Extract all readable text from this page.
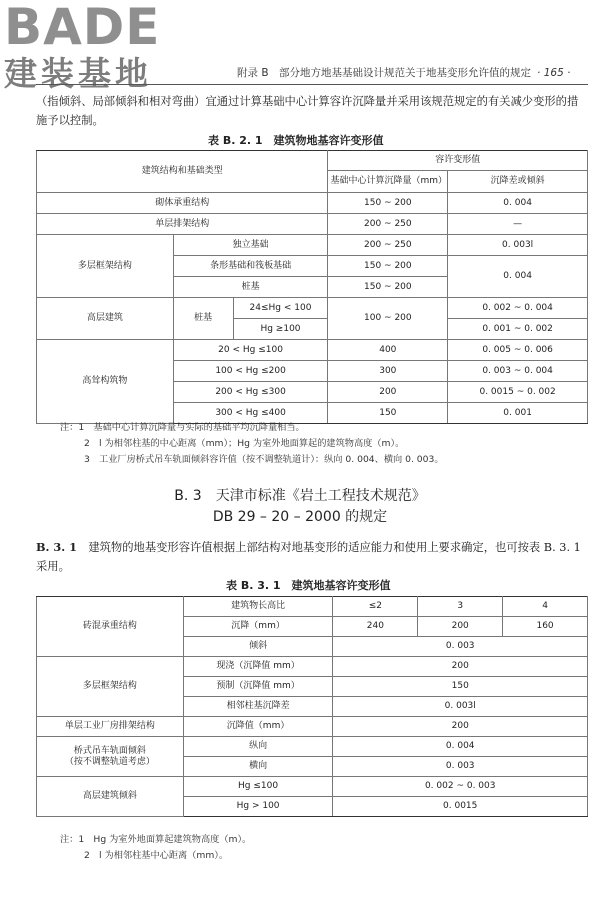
BADE
建装基地	附录 B　部分地方地基基础设计规范关于地基变形允许值的规定 · 165 ·

（指倾斜、局部倾斜和相对弯曲）宜通过计算基础中心计算容许沉降量并采用该规范规定的有关减少变形的措施予以控制。

表 B. 2. 1　建筑物地基容许变形值
建筑结构和基础类型			容许变形值	
			基础中心计算沉降量（mm）	沉降差或倾斜
砌体承重结构			150 ~ 200	0. 004
单层排架结构			200 ~ 250	—
多层框架结构	独立基础		200 ~ 250	0. 003l
	条形基础和筏板基础		150 ~ 200	0. 004
	桩基		150 ~ 200	
高层建筑	桩基	24≤Hg < 100	100 ~ 200	0. 002 ~ 0. 004
		Hg ≥100		0. 001 ~ 0. 002
高耸构筑物	20 < Hg ≤100		400	0. 005 ~ 0. 006
	100 < Hg ≤200		300	0. 003 ~ 0. 004
	200 < Hg ≤300		200	0. 0015 ~ 0. 002
	300 < Hg ≤400		150	0. 001
注：1　基础中心计算沉降量与实际的基础平均沉降量相当。
2　l 为相邻柱基的中心距离（mm）；Hg 为室外地面算起的建筑物高度（m）。
3　工业厂房桥式吊车轨面倾斜容许值（按不调整轨道计）：纵向 0. 004、横向 0. 003。
B. 3　天津市标准《岩土工程技术规范》
DB 29 – 20 – 2000 的规定

B. 3. 1　 建筑物的地基变形容许值根据上部结构对地基变形的适应能力和使用上要求确定，也可按表 B. 3. 1 采用。

表 B. 3. 1　建筑地基容许变形值
砖混承重结构	建筑物长高比	≤2	3	4
	沉降（mm）	240	200	160
	倾斜	0. 003		
多层框架结构	现浇（沉降值 mm）	200		
	预制（沉降值 mm）	150		
	相邻柱基沉降差	0. 003l		
单层工业厂房排架结构	沉降值（mm）	200		
桥式吊车轨面倾斜
（按不调整轨道考虑）	纵向	0. 004		
	横向	0. 003		
高层建筑倾斜	Hg ≤100	0. 002 ~ 0. 003		
	Hg > 100	0. 0015		
注：1　Hg 为室外地面算起建筑物高度（m）。
2　l 为相邻柱基中心距离（mm）。
